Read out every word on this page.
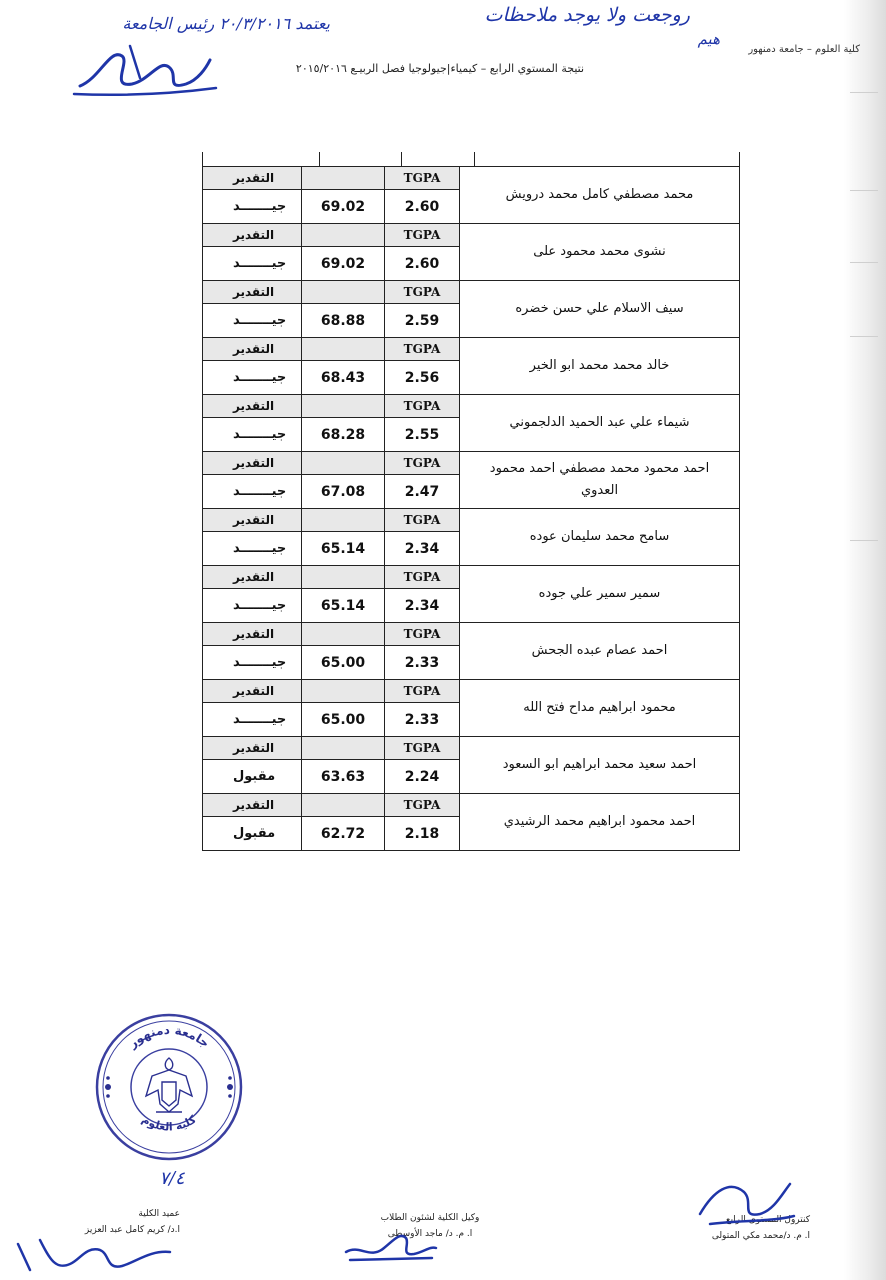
روجعت ولا يوجد ملاحظات
هيم
يعتمد ٢٠/٣/٢٠١٦ رئيس الجامعة
كلية العلوم – جامعة دمنهور
نتيجة المستوي الرابع – كيمياء|جيولوجيا فصل الربيـع ٢٠١٥/٢٠١٦
محمد مصطفي كامل محمد درويش	TGPA		التقدير
	2.60	69.02	جيـــــــد
نشوى محمد محمود على	TGPA		التقدير
	2.60	69.02	جيـــــــد
سيف الاسلام علي حسن خضره	TGPA		التقدير
	2.59	68.88	جيـــــــد
خالد محمد محمد ابو الخير	TGPA		التقدير
	2.56	68.43	جيـــــــد
شيماء علي عبد الحميد الدلجموني	TGPA		التقدير
	2.55	68.28	جيـــــــد
احمد محمود محمد مصطفي احمد محمود العدوي	TGPA		التقدير
	2.47	67.08	جيـــــــد
سامح محمد سليمان عوده	TGPA		التقدير
	2.34	65.14	جيـــــــد
سمير سمير علي جوده	TGPA		التقدير
	2.34	65.14	جيـــــــد
احمد عصام عبده الجحش	TGPA		التقدير
	2.33	65.00	جيـــــــد
محمود ابراهيم مداح فتح الله	TGPA		التقدير
	2.33	65.00	جيـــــــد
احمد سعيد محمد ابراهيم ابو السعود	TGPA		التقدير
	2.24	63.63	مقبول
احمد محمود ابراهيم محمد الرشيدي	TGPA		التقدير
	2.18	62.72	مقبول
جامعة دمنهور
كلية العلوم
٧/٤
عميد الكلية
ا.د/ كريم كامل عبد العزيز
وكيل الكلية لشئون الطلاب
ا. م. د/ ماجد الأوسطى
كنترول المستوى الرابع
ا. م. د/محمد مكي المتولى
